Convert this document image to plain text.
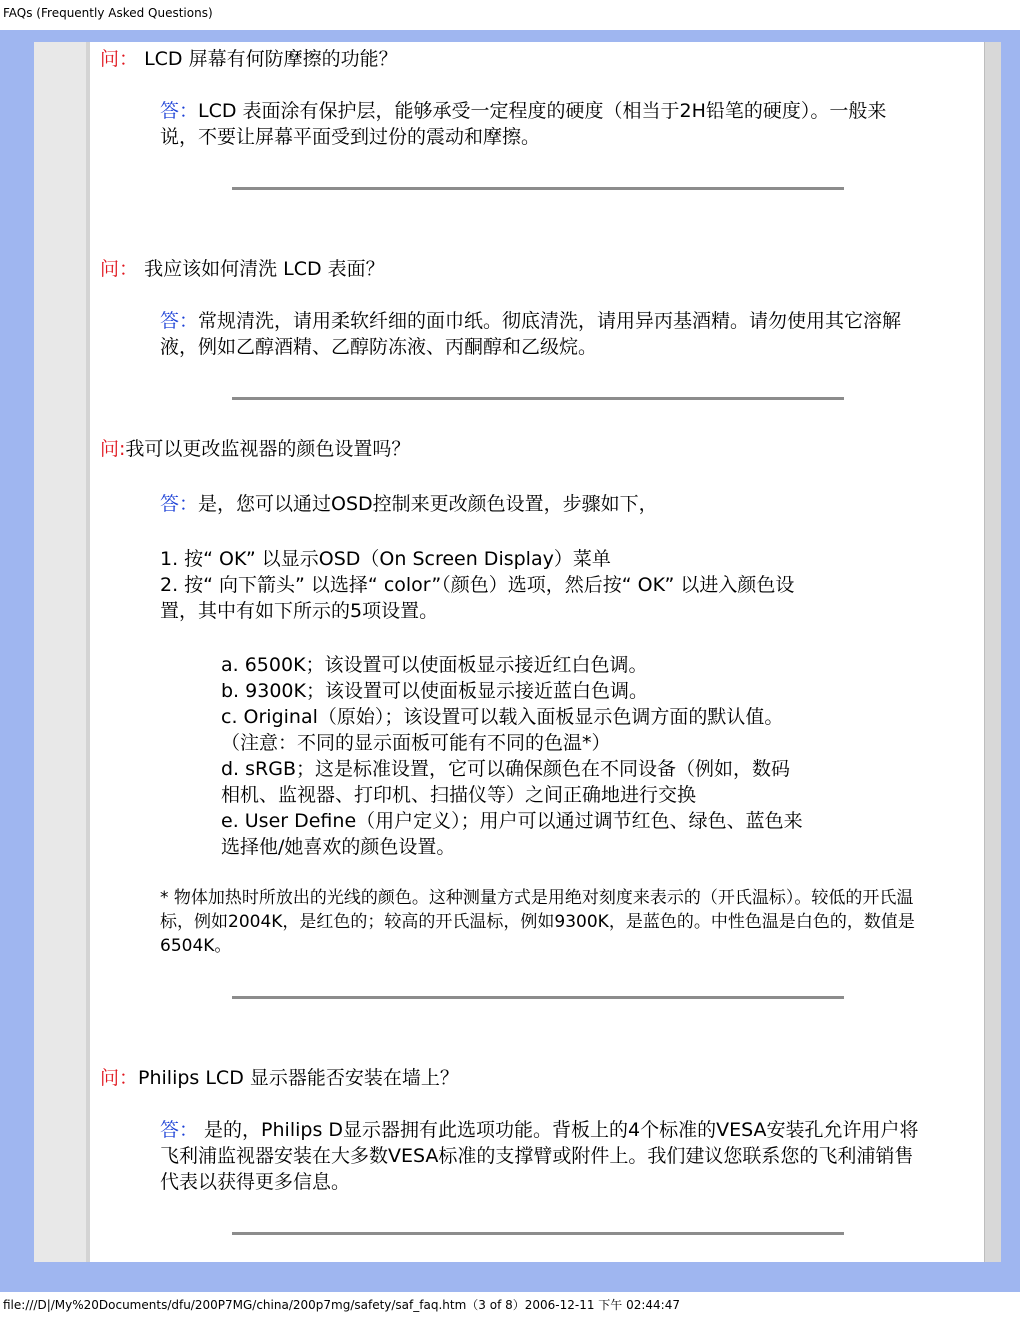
FAQs (Frequently Asked Questions)
问： LCD 屏幕有何防摩擦的功能？
答：LCD 表面涂有保护层，能够承受一定程度的硬度（相当于2H铅笔的硬度）。一般来说，不要让屏幕平面受到过份的震动和摩擦。
问： 我应该如何清洗 LCD 表面？
答：常规清洗，请用柔软纤细的面巾纸。彻底清洗，请用异丙基酒精。请勿使用其它溶解液，例如乙醇酒精、乙醇防冻液、丙酮醇和乙级烷。
问:我可以更改监视器的颜色设置吗？
答：是，您可以通过OSD控制来更改颜色设置，步骤如下，
1. 按“ OK” 以显示OSD（On Screen Display）菜单
2. 按“ 向下箭头” 以选择“ color”（颜色）选项，然后按“ OK” 以进入颜色设
置，其中有如下所示的5项设置。
a. 6500K；该设置可以使面板显示接近红白色调。
b. 9300K；该设置可以使面板显示接近蓝白色调。
c. Original（原始）；该设置可以载入面板显示色调方面的默认值。
（注意：不同的显示面板可能有不同的色温*）
d. sRGB；这是标准设置，它可以确保颜色在不同设备（例如，数码
相机、监视器、打印机、扫描仪等）之间正确地进行交换
e. User Define（用户定义）；用户可以通过调节红色、绿色、蓝色来
选择他/她喜欢的颜色设置。
* 物体加热时所放出的光线的颜色。这种测量方式是用绝对刻度来表示的（开氏温标）。较低的开氏温标，例如2004K，是红色的；较高的开氏温标，例如9300K，是蓝色的。中性色温是白色的，数值是6504K。
问：Philips LCD 显示器能否安装在墙上？
答： 是的，Philips D显示器拥有此选项功能。背板上的4个标准的VESA安装孔允许用户将飞利浦监视器安装在大多数VESA标准的支撑臂或附件上。我们建议您联系您的飞利浦销售代表以获得更多信息。
file:///D|/My%20Documents/dfu/200P7MG/china/200p7mg/safety/saf_faq.htm（3 of 8）2006-12-11 下午 02:44:47
